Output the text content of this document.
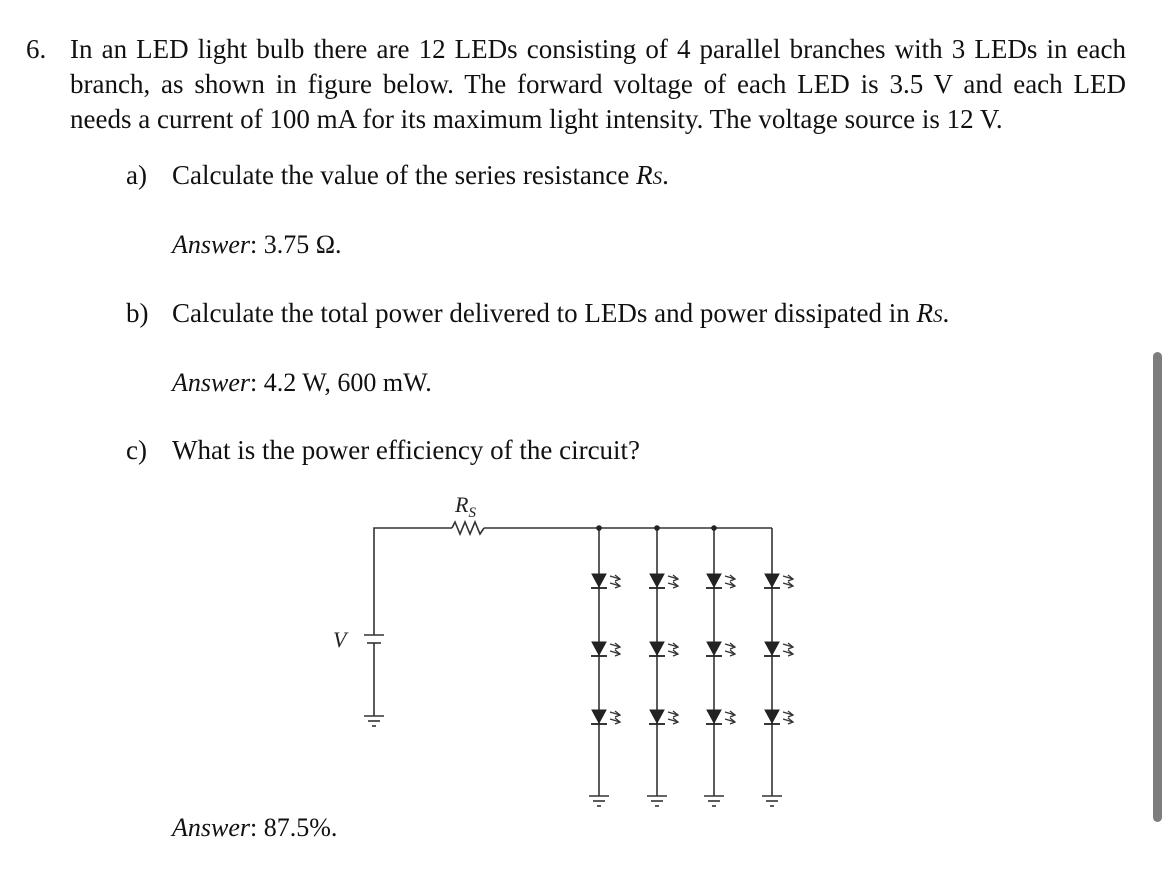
6. In an LED light bulb there are 12 LEDs consisting of 4 parallel branches with 3 LEDs in each
branch, as shown in figure below. The forward voltage of each LED is 3.5 V and each LED
needs a current of 100 mA for its maximum light intensity. The voltage source is 12 V.
a) Calculate the value of the series resistance RS.
Answer: 3.75 Ω.
b) Calculate the total power delivered to LEDs and power dissipated in RS.
Answer: 4.2 W, 600 mW.
c) What is the power efficiency of the circuit?
Answer: 87.5%.
$R_S$
V
